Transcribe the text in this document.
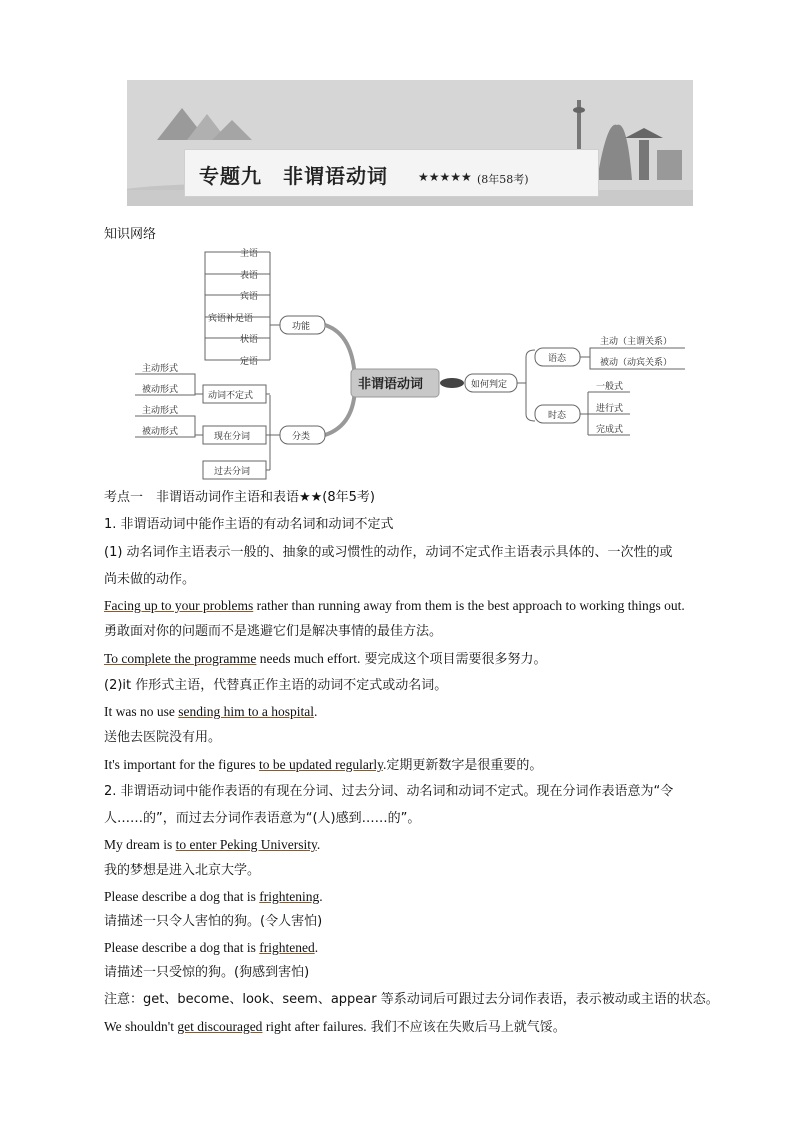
专题九　非谓语动词	★★★★★ (8年58考)
知识网络
主语
表语
宾语
宾语补足语
状语
定语
功能
分类
动词不定式
现在分词
过去分词
主动形式
被动形式
主动形式
被动形式
非谓语动词	如何判定
语态
主动（主谓关系）
被动（动宾关系）
时态
一般式
进行式
完成式
考点一　非谓语动词作主语和表语★★(8年5考)
1. 非谓语动词中能作主语的有动名词和动词不定式
(1) 动名词作主语表示一般的、抽象的或习惯性的动作，动词不定式作主语表示具体的、一次性的或
尚未做的动作。
Facing up to your problems rather than running away from them is the best approach to working things out.
勇敢面对你的问题而不是逃避它们是解决事情的最佳方法。
To complete the programme needs much effort. 要完成这个项目需要很多努力。
(2)it 作形式主语，代替真正作主语的动词不定式或动名词。
It was no use sending him to a hospital.
送他去医院没有用。
It's important for the figures to be updated regularly.定期更新数字是很重要的。
2. 非谓语动词中能作表语的有现在分词、过去分词、动名词和动词不定式。现在分词作表语意为“令
人……的”，而过去分词作表语意为“(人)感到……的”。
My dream is to enter Peking University.
我的梦想是进入北京大学。
Please describe a dog that is frightening.
请描述一只令人害怕的狗。(令人害怕)
Please describe a dog that is frightened.
请描述一只受惊的狗。(狗感到害怕)
注意：get、become、look、seem、appear 等系动词后可跟过去分词作表语，表示被动或主语的状态。
We shouldn't get discouraged right after failures. 我们不应该在失败后马上就气馁。
